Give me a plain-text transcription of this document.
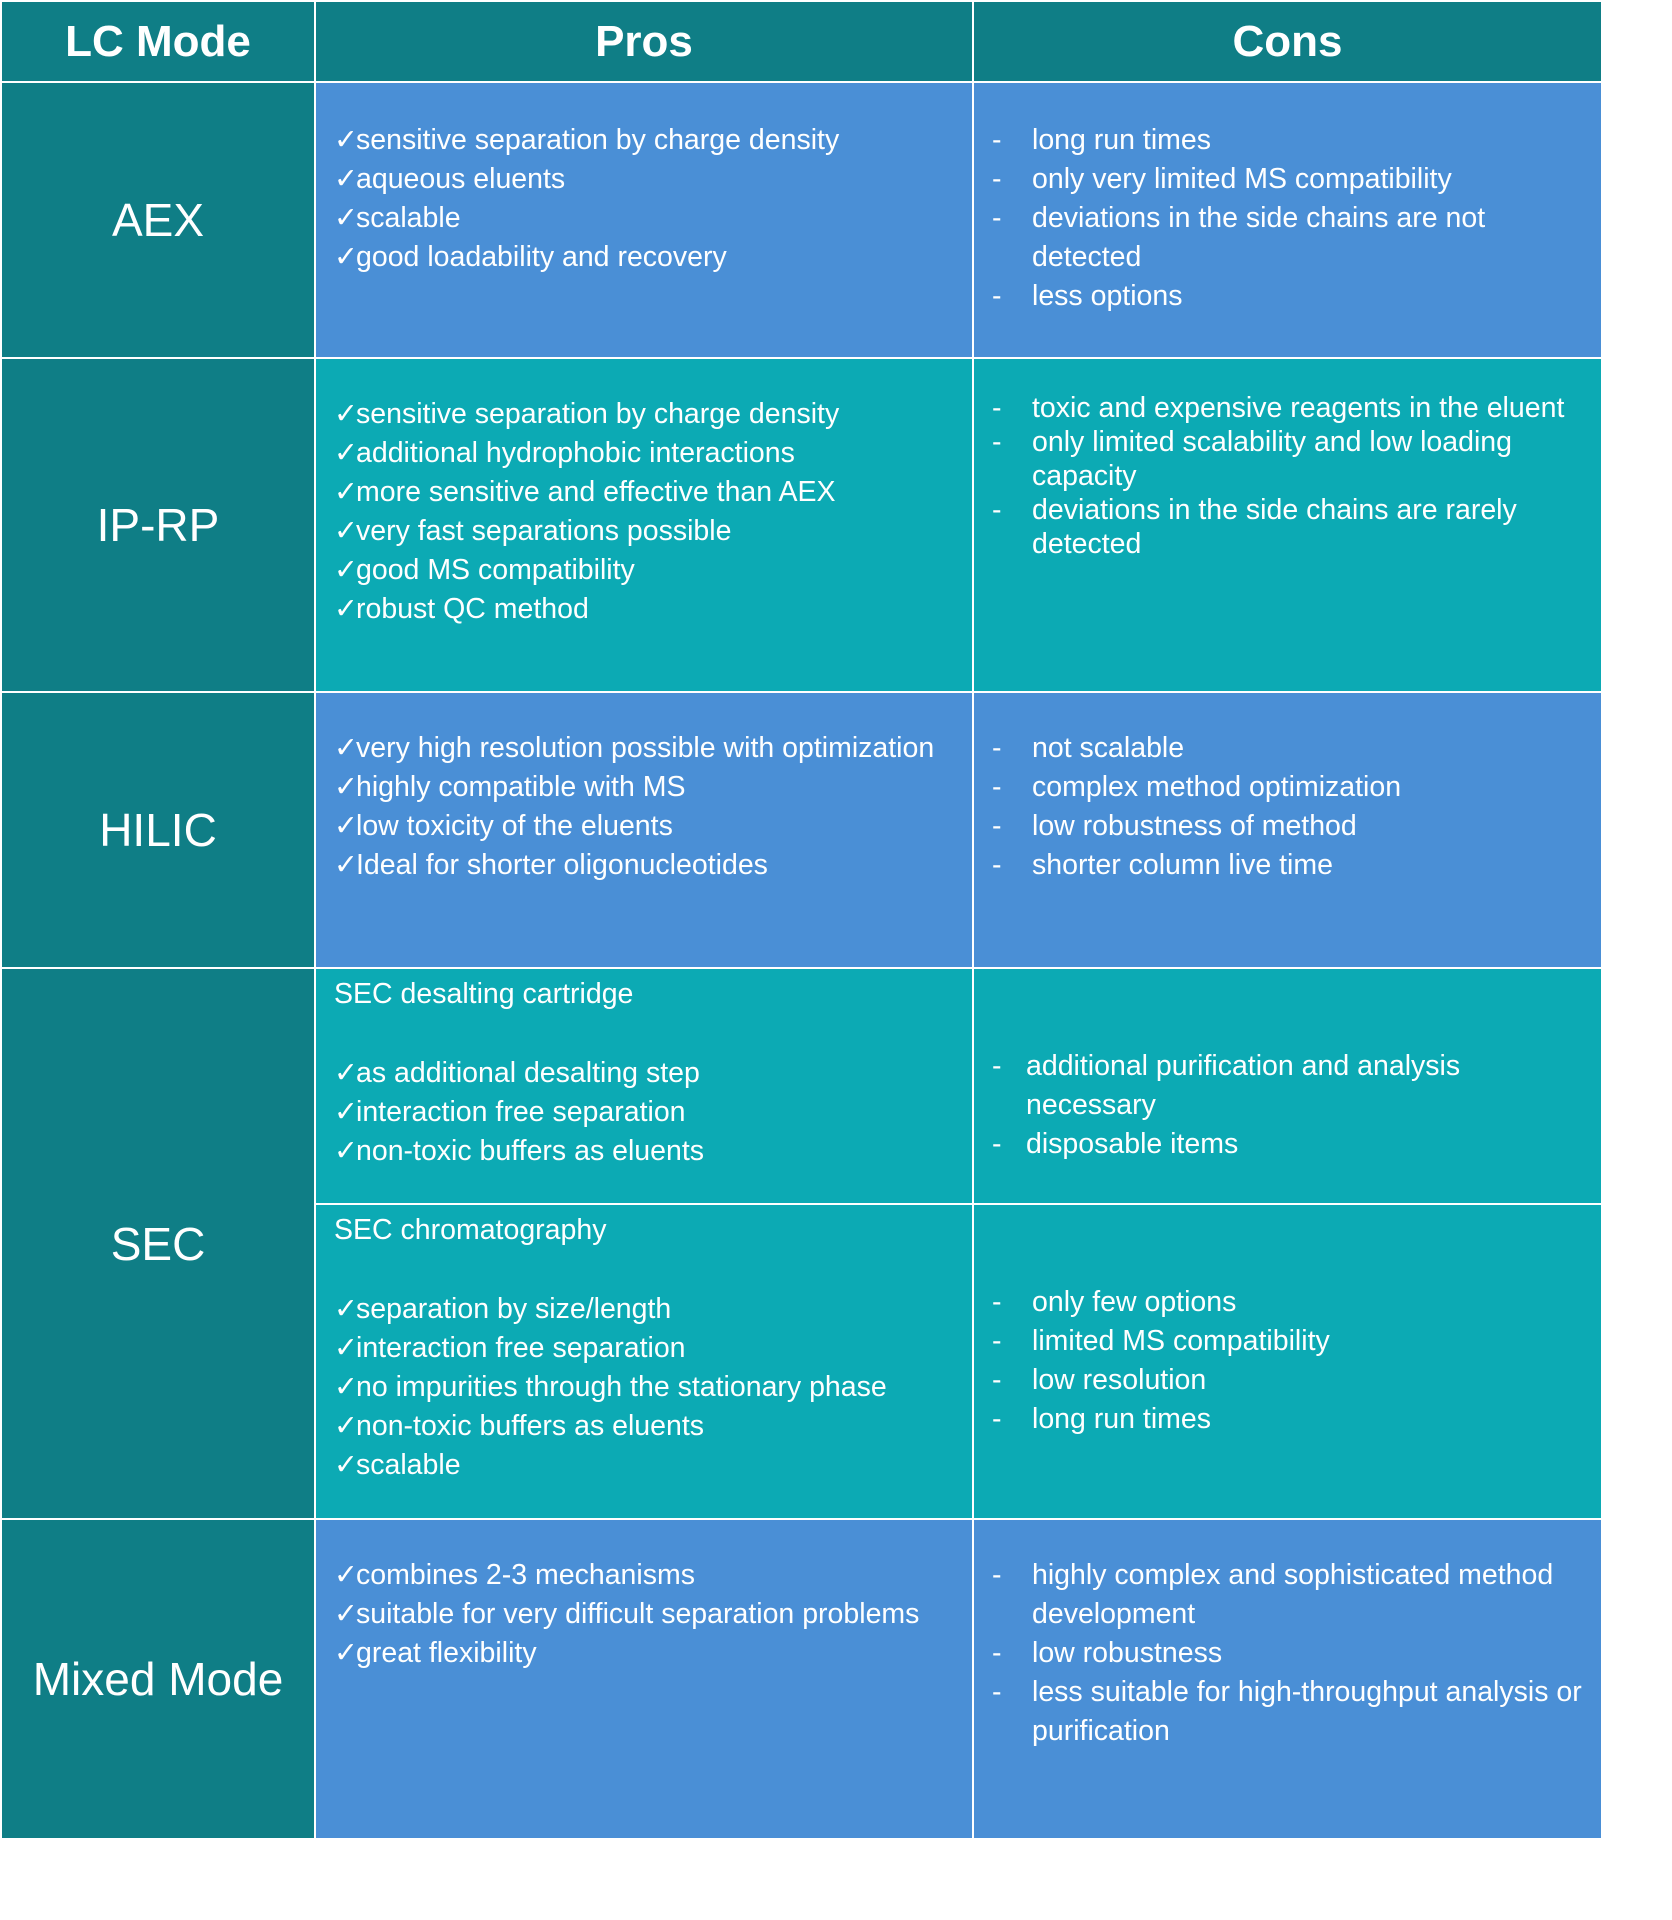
LC Mode	Pros	Cons
AEX
✓
sensitive separation by charge density
✓
aqueous eluents
✓
scalable
✓
good loadability and recovery
- long run times
- only very limited MS compatibility
- deviations in the side chains are not detected
- less options
IP-RP
✓
sensitive separation by charge density
✓
additional hydrophobic interactions
✓
more sensitive and effective than AEX
✓
very fast separations possible
✓
good MS compatibility
✓
robust QC method
- toxic and expensive reagents in the eluent
- only limited scalability and low loading capacity
- deviations in the side chains are rarely detected
HILIC
✓
very high resolution possible with optimization
✓
highly compatible with MS
✓
low toxicity of the eluents
✓
Ideal for shorter oligonucleotides
- not scalable
- complex method optimization
- low robustness of method
- shorter column live time
SEC

SEC desalting cartridge

✓
as additional desalting step
✓
interaction free separation
✓
non-toxic buffers as eluents
- additional purification and analysis necessary
- disposable items

SEC chromatography

✓
separation by size/length
✓
interaction free separation
✓
no impurities through the stationary phase
✓
non-toxic buffers as eluents
✓
scalable
- only few options
- limited MS compatibility
- low resolution
- long run times
Mixed Mode
✓
combines 2-3 mechanisms
✓
suitable for very difficult separation problems
✓
great flexibility
- highly complex and sophisticated method development
- low robustness
- less suitable for high-throughput analysis or purification
